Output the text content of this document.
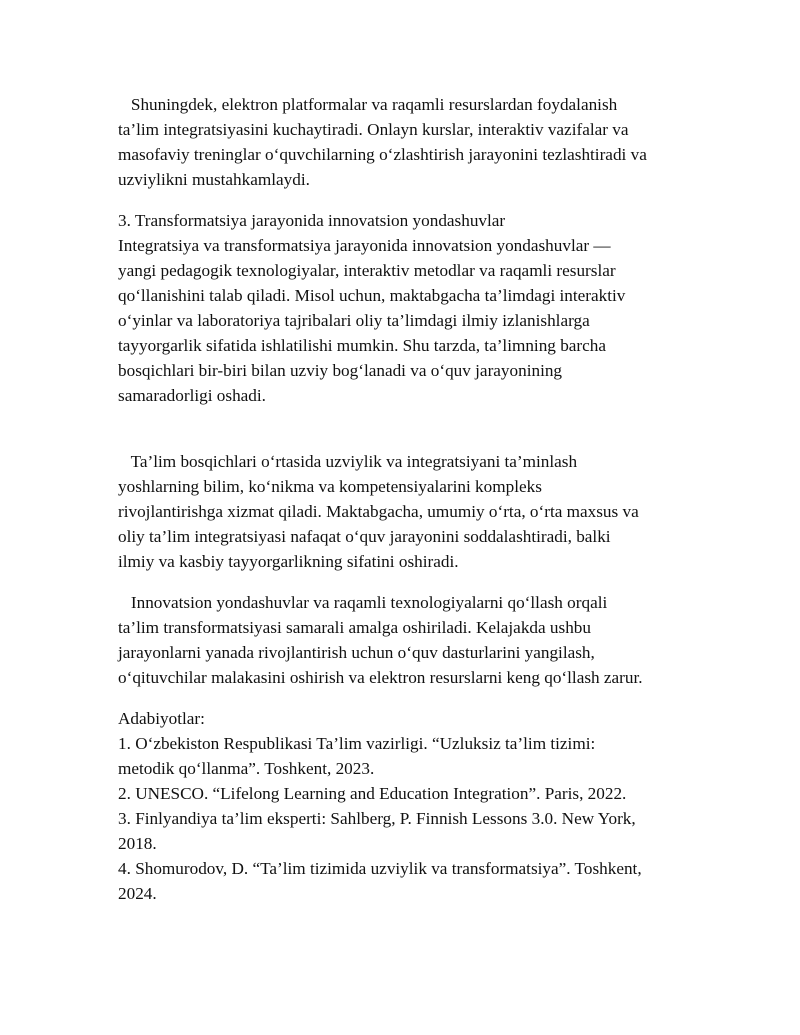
Shuningdek, elektron platformalar va raqamli resurslardan foydalanish
ta’lim integratsiyasini kuchaytiradi. Onlayn kurslar, interaktiv vazifalar va
masofaviy treninglar o‘quvchilarning o‘zlashtirish jarayonini tezlashtiradi va
uzviylikni mustahkamlaydi.

3. Transformatsiya jarayonida innovatsion yondashuvlar
Integratsiya va transformatsiya jarayonida innovatsion yondashuvlar —
yangi pedagogik texnologiyalar, interaktiv metodlar va raqamli resurslar
qo‘llanishini talab qiladi. Misol uchun, maktabgacha ta’limdagi interaktiv
o‘yinlar va laboratoriya tajribalari oliy ta’limdagi ilmiy izlanishlarga
tayyorgarlik sifatida ishlatilishi mumkin. Shu tarzda, ta’limning barcha
bosqichlari bir-biri bilan uzviy bog‘lanadi va o‘quv jarayonining
samaradorligi oshadi.

Ta’lim bosqichlari o‘rtasida uzviylik va integratsiyani ta’minlash
yoshlarning bilim, ko‘nikma va kompetensiyalarini kompleks
rivojlantirishga xizmat qiladi. Maktabgacha, umumiy o‘rta, o‘rta maxsus va
oliy ta’lim integratsiyasi nafaqat o‘quv jarayonini soddalashtiradi, balki
ilmiy va kasbiy tayyorgarlikning sifatini oshiradi.

Innovatsion yondashuvlar va raqamli texnologiyalarni qo‘llash orqali
ta’lim transformatsiyasi samarali amalga oshiriladi. Kelajakda ushbu
jarayonlarni yanada rivojlantirish uchun o‘quv dasturlarini yangilash,
o‘qituvchilar malakasini oshirish va elektron resurslarni keng qo‘llash zarur.

Adabiyotlar:
1. O‘zbekiston Respublikasi Ta’lim vazirligi. “Uzluksiz ta’lim tizimi:
metodik qo‘llanma”. Toshkent, 2023.
2. UNESCO. “Lifelong Learning and Education Integration”. Paris, 2022.
3. Finlyandiya ta’lim eksperti: Sahlberg, P. Finnish Lessons 3.0. New York,
2018.
4. Shomurodov, D. “Ta’lim tizimida uzviylik va transformatsiya”. Toshkent,
2024.
